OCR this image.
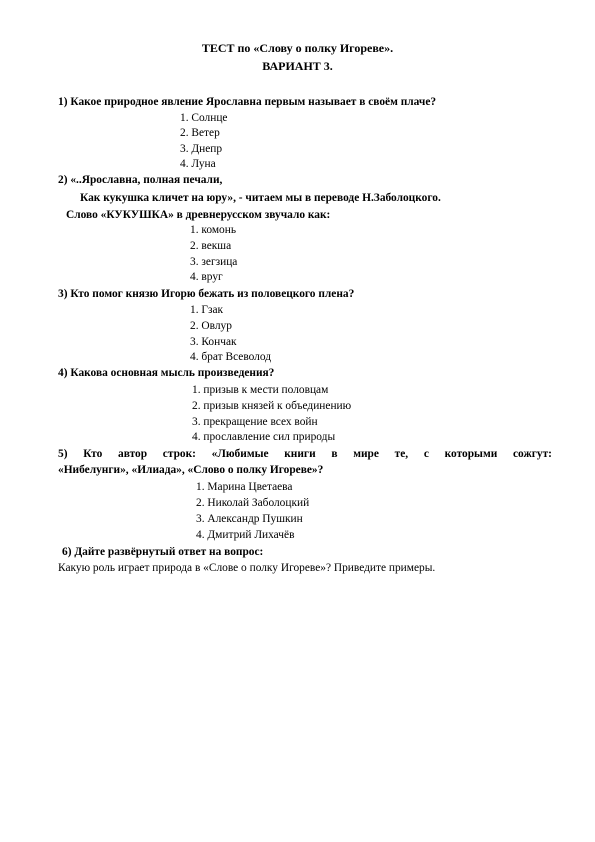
ТЕСТ по «Слову о полку Игореве».
ВАРИАНТ 3.
1) Какое природное явление Ярославна первым называет в своём плаче?
1. Солнце
2. Ветер
3. Днепр
4. Луна
2) «..Ярославна, полная печали,
Как кукушка кличет на юру», - читаем мы в переводе Н.Заболоцкого.
Слово «КУКУШКА» в древнерусском звучало как:
1. комонь
2. векша
3. зегзица
4. вруг
3) Кто помог князю Игорю бежать из половецкого плена?
1. Гзак
2. Овлур
3. Кончак
4. брат Всеволод
4) Какова основная мысль произведения?
1. призыв к мести половцам
2. призыв князей к объединению
3. прекращение всех войн
4. прославление сил природы
5) Кто автор строк: «Любимые книги в мире те, с которыми сожгут:
«Нибелунги», «Илиада», «Слово о полку Игореве»?
1. Марина Цветаева
2. Николай Заболоцкий
3. Александр Пушкин
4. Дмитрий Лихачёв
6) Дайте развёрнутый ответ на вопрос:
Какую роль играет природа в «Слове о полку Игореве»? Приведите примеры.
